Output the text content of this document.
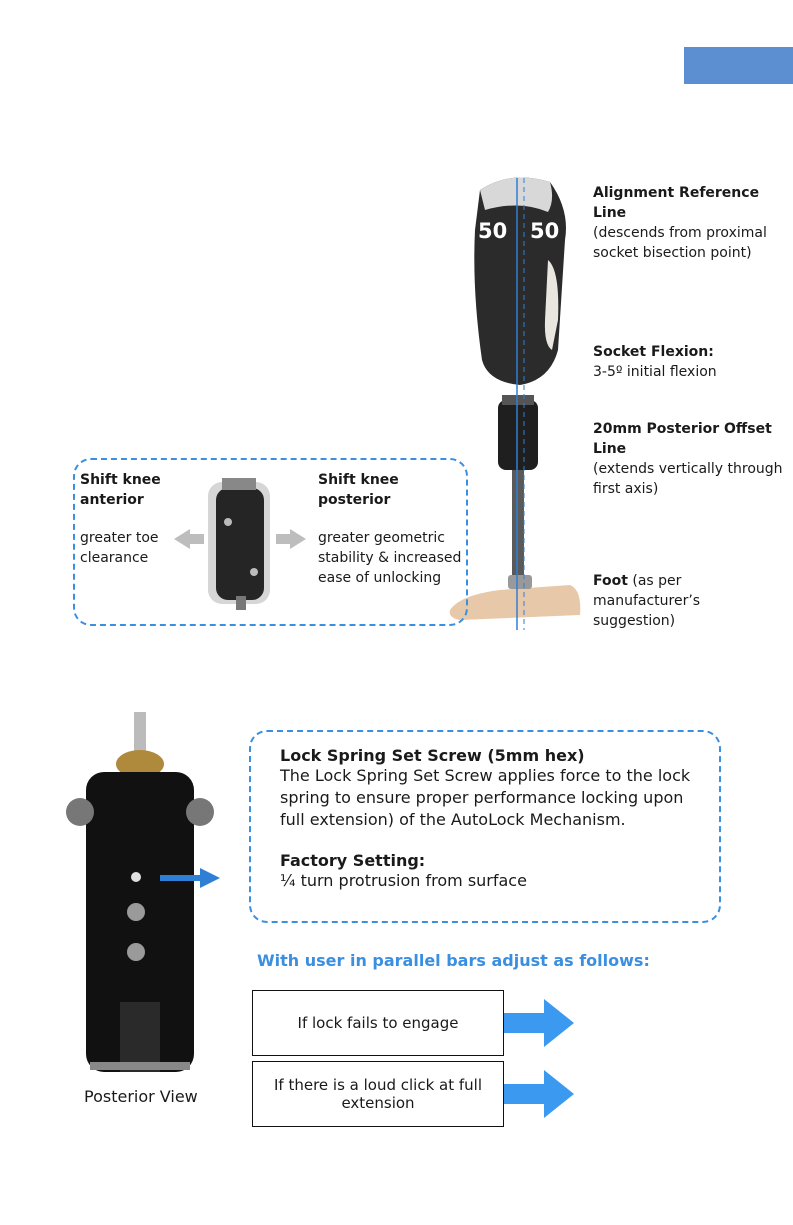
50 50
Alignment Reference Line
(descends from proximal socket bisection point)
Socket Flexion:
3-5º initial flexion
20mm Posterior Offset Line
(extends vertically through first axis)
Foot (as per manufacturer’s suggestion)
Shift knee anterior
greater toe clearance
Shift knee posterior
greater geometric stability & increased ease of unlocking
Posterior View
Lock Spring Set Screw (5mm hex)
The Lock Spring Set Screw applies force to the lock spring to ensure proper performance locking upon full extension) of the AutoLock Mechanism.
Factory Setting:
¼ turn protrusion from surface
With user in parallel bars adjust as follows:
If lock fails to engage
If there is a loud click at full extension
